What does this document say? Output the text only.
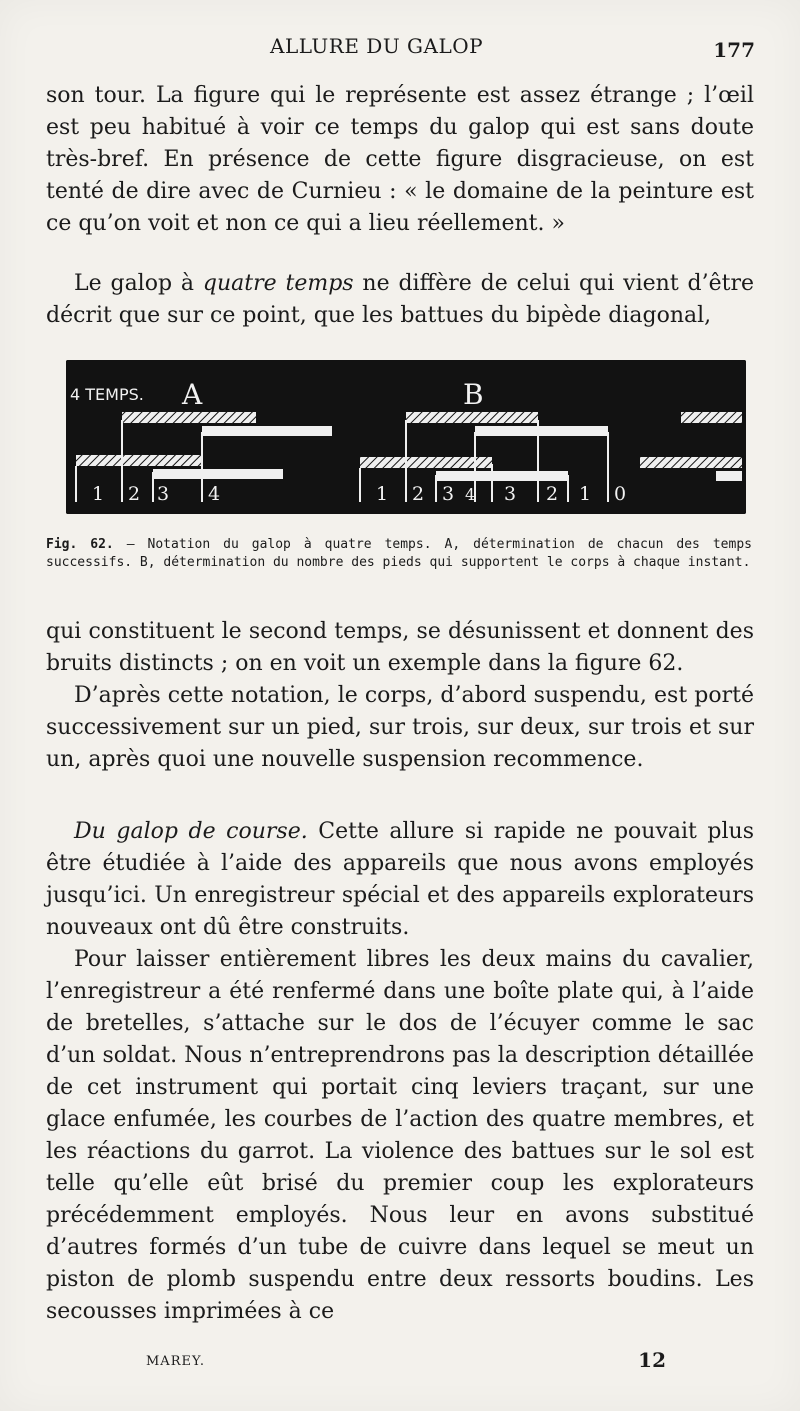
ALLURE DU GALOP	177

son tour. La figure qui le représente est assez étrange ; l’œil est peu habitué à voir ce temps du galop qui est sans doute très-bref. En présence de cette figure disgracieuse, on est tenté de dire avec de Curnieu : « le domaine de la peinture est ce qu’on voit et non ce qui a lieu réellement. »

Le galop à quatre temps ne diffère de celui qui vient d’être décrit que sur ce point, que les battues du bipède diagonal,

4 TEMPS. A	B
1 2 3 4	1 2 3 4 3 2 1 0
Fig. 62. — Notation du galop à quatre temps. A, détermination de chacun des temps successifs. B, détermination du nombre des pieds qui supportent le corps à chaque instant.

qui constituent le second temps, se désunissent et donnent des bruits distincts ; on en voit un exemple dans la figure 62.

D’après cette notation, le corps, d’abord suspendu, est porté successivement sur un pied, sur trois, sur deux, sur trois et sur un, après quoi une nouvelle suspension recommence.

Du galop de course. Cette allure si rapide ne pouvait plus être étudiée à l’aide des appareils que nous avons employés jusqu’ici. Un enregistreur spécial et des appareils explorateurs nouveaux ont dû être construits.

Pour laisser entièrement libres les deux mains du cavalier, l’enregistreur a été renfermé dans une boîte plate qui, à l’aide de bretelles, s’attache sur le dos de l’écuyer comme le sac d’un soldat. Nous n’entreprendrons pas la description détaillée de cet instrument qui portait cinq leviers traçant, sur une glace enfumée, les courbes de l’action des quatre membres, et les réactions du garrot. La violence des battues sur le sol est telle qu’elle eût brisé du premier coup les explorateurs précédemment employés. Nous leur en avons substitué d’autres formés d’un tube de cuivre dans lequel se meut un piston de plomb suspendu entre deux ressorts boudins. Les secousses imprimées à ce

MAREY.	12
